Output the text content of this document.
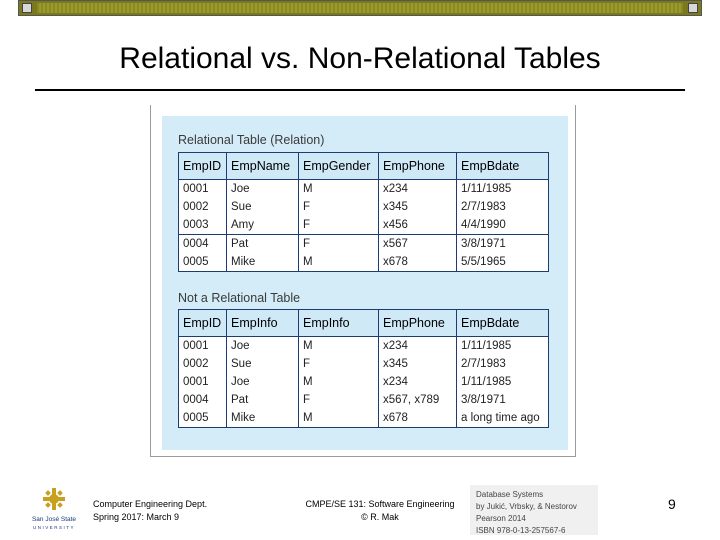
Relational vs. Non-Relational Tables
Relational Table (Relation)
EmpID	EmpName	EmpGender	EmpPhone	EmpBdate
0001	Joe	M	x234	1/11/1985
0002	Sue	F	x345	2/7/1983
0003	Amy	F	x456	4/4/1990
0004	Pat	F	x567	3/8/1971
0005	Mike	M	x678	5/5/1965
Not a Relational Table
EmpID	EmpInfo	EmpInfo	EmpPhone	EmpBdate
0001	Joe	M	x234	1/11/1985
0002	Sue	F	x345	2/7/1983
0001	Joe	M	x234	1/11/1985
0004	Pat	F	x567, x789	3/8/1971
0005	Mike	M	x678	a long time ago
San José State
UNIVERSITY
Computer Engineering Dept.
Spring 2017: March 9
CMPE/SE 131: Software Engineering
© R. Mak
Database Systems
by Jukić, Vrbsky, & Nestorov
Pearson 2014
ISBN 978-0-13-257567-6
9
